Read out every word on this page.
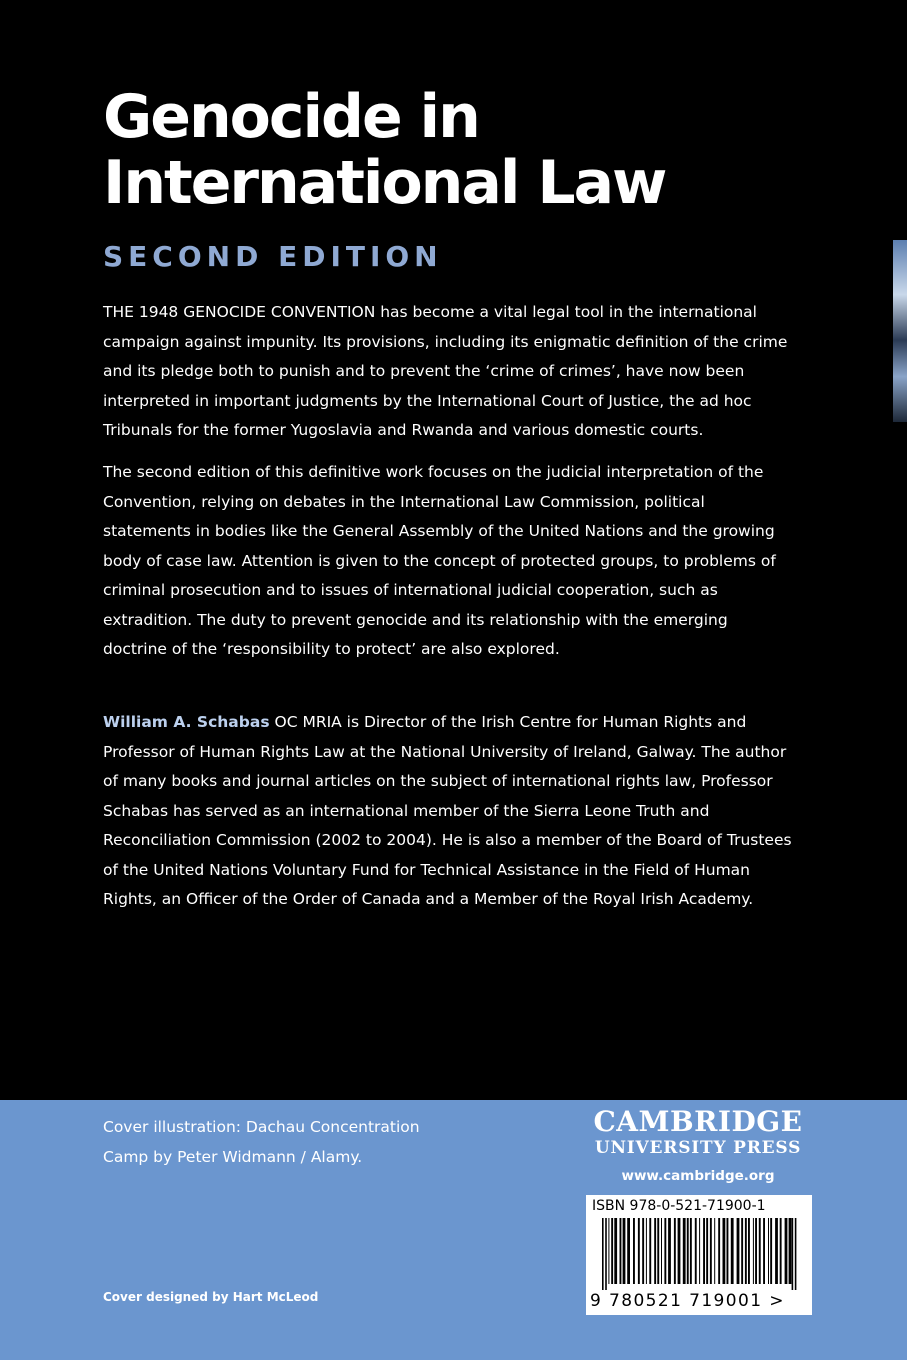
Genocide in
International Law
SECOND EDITION

THE 1948 GENOCIDE CONVENTION has become a vital legal tool in the international campaign against impunity. Its provisions, including its enigmatic definition of the crime and its pledge both to punish and to prevent the ‘crime of crimes’, have now been interpreted in important judgments by the International Court of Justice, the ad hoc Tribunals for the former Yugoslavia and Rwanda and various domestic courts.

The second edition of this definitive work focuses on the judicial interpretation of the Convention, relying on debates in the International Law Commission, political statements in bodies like the General Assembly of the United Nations and the growing body of case law. Attention is given to the concept of protected groups, to problems of criminal prosecution and to issues of international judicial cooperation, such as extradition. The duty to prevent genocide and its relationship with the emerging doctrine of the ‘responsibility to protect’ are also explored.

William A. Schabas OC MRIA is Director of the Irish Centre for Human Rights and Professor of Human Rights Law at the National University of Ireland, Galway. The author of many books and journal articles on the subject of international rights law, Professor Schabas has served as an international member of the Sierra Leone Truth and Reconciliation Commission (2002 to 2004). He is also a member of the Board of Trustees of the United Nations Voluntary Fund for Technical Assistance in the Field of Human Rights, an Officer of the Order of Canada and a Member of the Royal Irish Academy.

Cover illustration: Dachau Concentration Camp by Peter Widmann / Alamy.

Cover designed by Hart McLeod
CAMBRIDGE
UNIVERSITY PRESS
www.cambridge.org
ISBN 978-0-521-71900-1
9 780521 719001 >
